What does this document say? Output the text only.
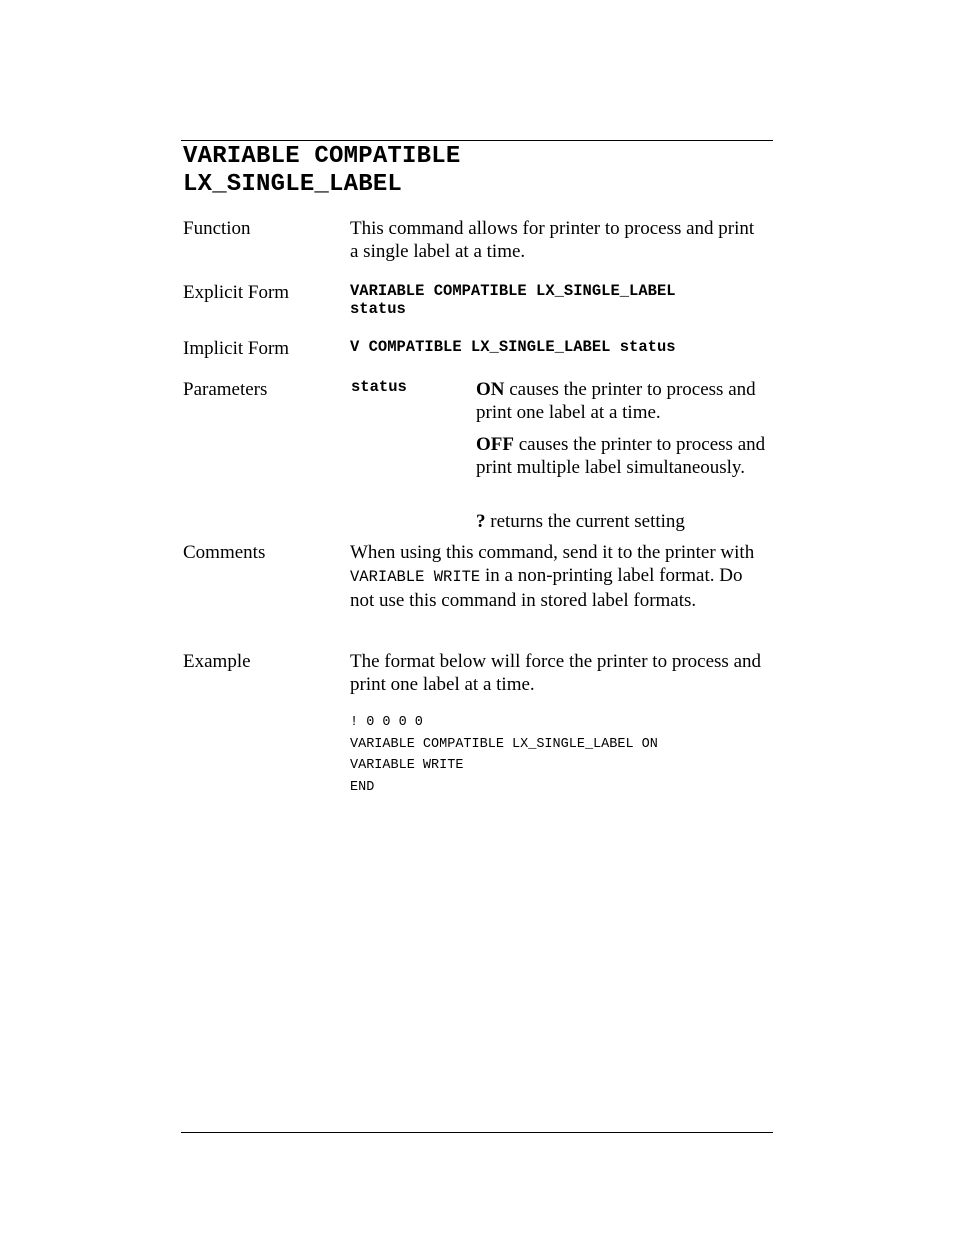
VARIABLE COMPATIBLE
LX_SINGLE_LABEL
Function	This command allows for printer to process and print a single label at a time.
Explicit Form	VARIABLE COMPATIBLE LX_SINGLE_LABEL
status
Implicit Form	V COMPATIBLE LX_SINGLE_LABEL status
Parameters	status	ON causes the printer to process and print one label at a time.
OFF causes the printer to process and print multiple label simultaneously.
? returns the current setting
Comments	When using this command, send it to the printer with VARIABLE WRITE in a non-printing label format. Do not use this command in stored label formats.
Example	The format below will force the printer to process and print one label at a time.
! 0 0 0 0
VARIABLE COMPATIBLE LX_SINGLE_LABEL ON
VARIABLE WRITE
END
